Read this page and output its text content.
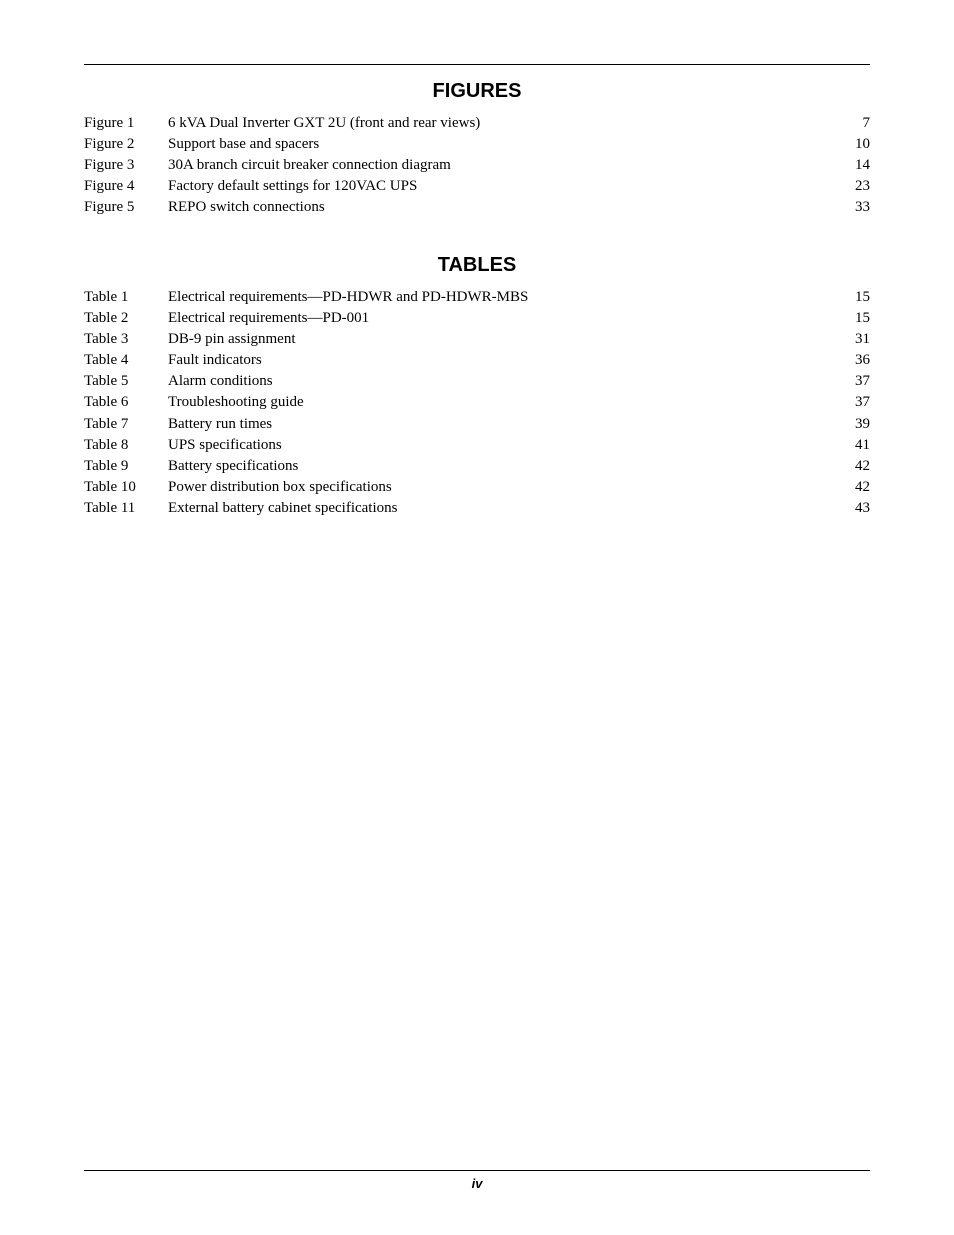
FIGURES
Figure 1	6 kVA Dual Inverter GXT 2U (front and rear views)	7
Figure 2	Support base and spacers	10
Figure 3	30A branch circuit breaker connection diagram	14
Figure 4	Factory default settings for 120VAC UPS	23
Figure 5	REPO switch connections	33
TABLES
Table 1	Electrical requirements—PD-HDWR and PD-HDWR-MBS	15
Table 2	Electrical requirements—PD-001	15
Table 3	DB-9 pin assignment	31
Table 4	Fault indicators	36
Table 5	Alarm conditions	37
Table 6	Troubleshooting guide	37
Table 7	Battery run times	39
Table 8	UPS specifications	41
Table 9	Battery specifications	42
Table 10	Power distribution box specifications	42
Table 11	External battery cabinet specifications	43
iv
